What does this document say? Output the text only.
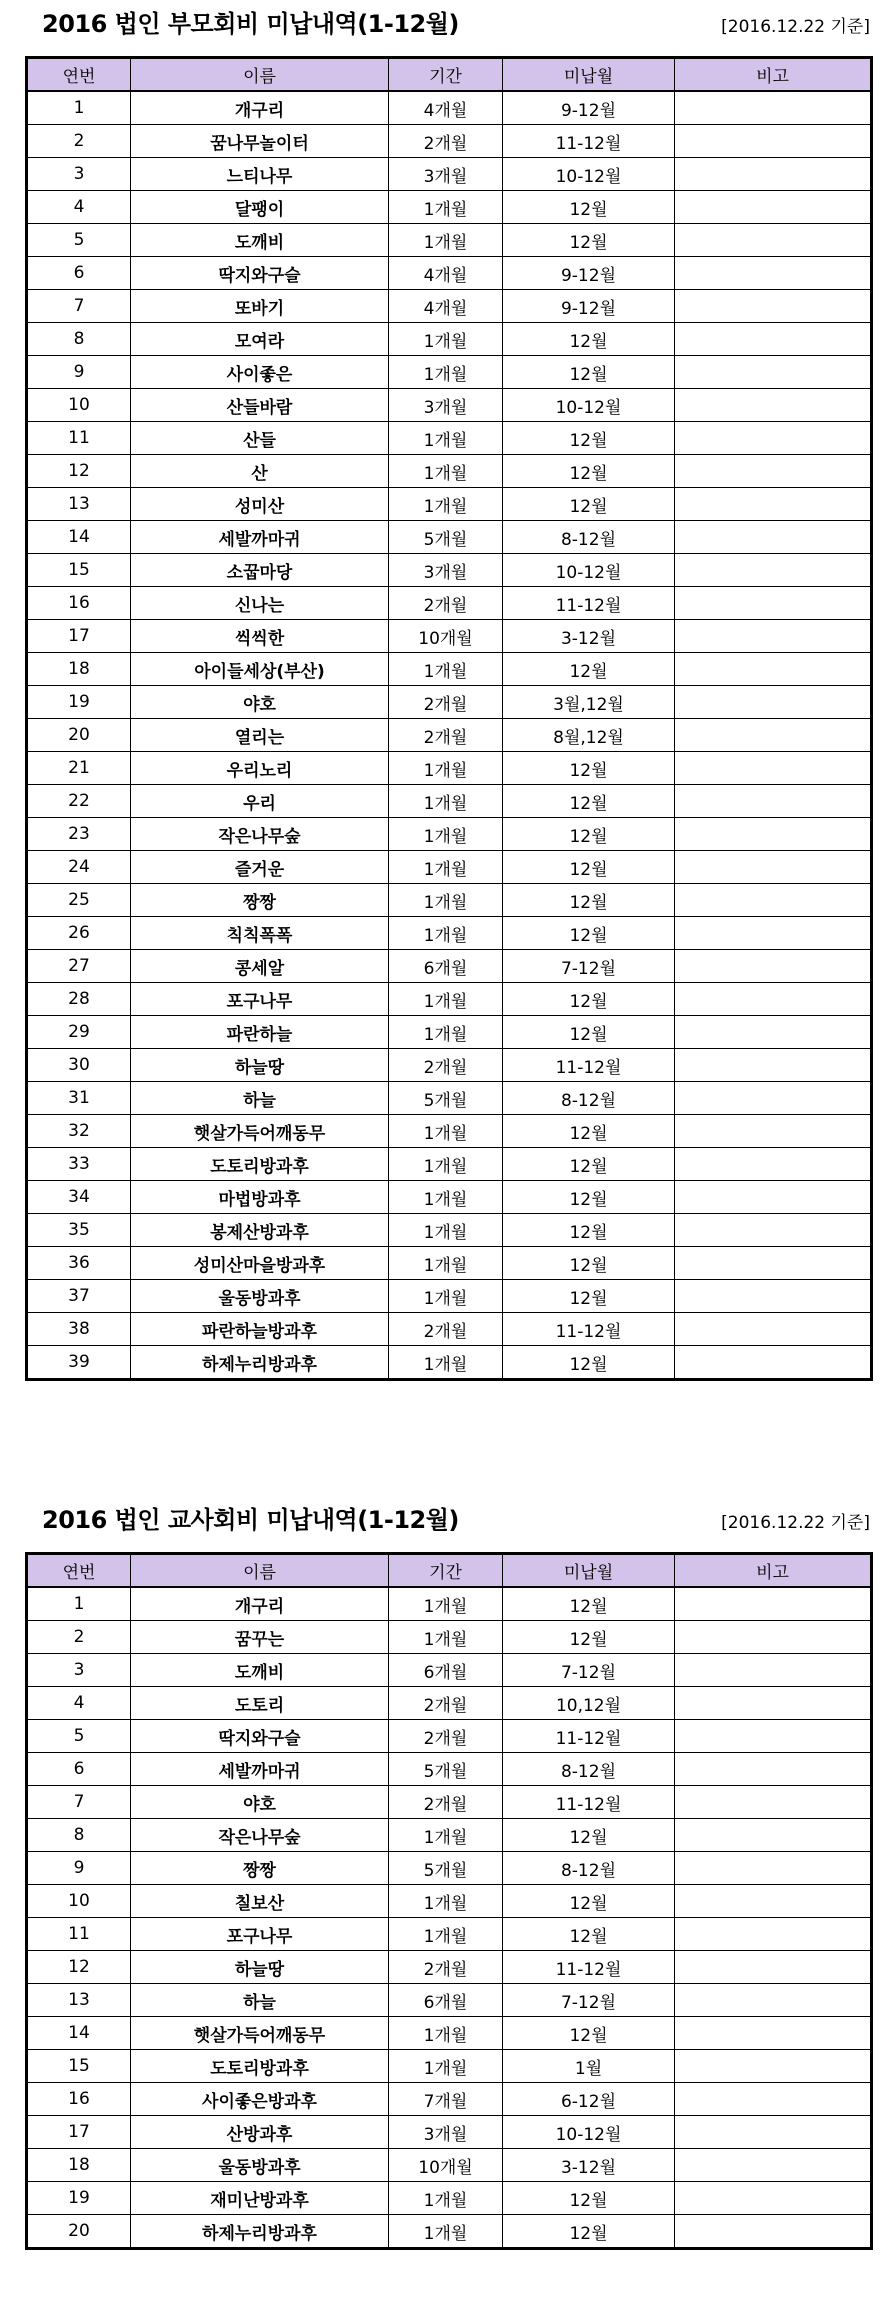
2016 법인 부모회비 미납내역(1-12월)	[2016.12.22 기준]
연번	이름	기간	미납월	비고
1	개구리	4개월	9-12월	
2	꿈나무놀이터	2개월	11-12월	
3	느티나무	3개월	10-12월	
4	달팽이	1개월	12월	
5	도깨비	1개월	12월	
6	딱지와구슬	4개월	9-12월	
7	또바기	4개월	9-12월	
8	모여라	1개월	12월	
9	사이좋은	1개월	12월	
10	산들바람	3개월	10-12월	
11	산들	1개월	12월	
12	산	1개월	12월	
13	성미산	1개월	12월	
14	세발까마귀	5개월	8-12월	
15	소꿉마당	3개월	10-12월	
16	신나는	2개월	11-12월	
17	씩씩한	10개월	3-12월	
18	아이들세상(부산)	1개월	12월	
19	야호	2개월	3월,12월	
20	열리는	2개월	8월,12월	
21	우리노리	1개월	12월	
22	우리	1개월	12월	
23	작은나무숲	1개월	12월	
24	즐거운	1개월	12월	
25	짱짱	1개월	12월	
26	칙칙폭폭	1개월	12월	
27	콩세알	6개월	7-12월	
28	포구나무	1개월	12월	
29	파란하늘	1개월	12월	
30	하늘땅	2개월	11-12월	
31	하늘	5개월	8-12월	
32	햇살가득어깨동무	1개월	12월	
33	도토리방과후	1개월	12월	
34	마법방과후	1개월	12월	
35	봉제산방과후	1개월	12월	
36	성미산마을방과후	1개월	12월	
37	울동방과후	1개월	12월	
38	파란하늘방과후	2개월	11-12월	
39	하제누리방과후	1개월	12월	
2016 법인 교사회비 미납내역(1-12월)	[2016.12.22 기준]
연번	이름	기간	미납월	비고
1	개구리	1개월	12월	
2	꿈꾸는	1개월	12월	
3	도깨비	6개월	7-12월	
4	도토리	2개월	10,12월	
5	딱지와구슬	2개월	11-12월	
6	세발까마귀	5개월	8-12월	
7	야호	2개월	11-12월	
8	작은나무숲	1개월	12월	
9	짱짱	5개월	8-12월	
10	칠보산	1개월	12월	
11	포구나무	1개월	12월	
12	하늘땅	2개월	11-12월	
13	하늘	6개월	7-12월	
14	햇살가득어깨동무	1개월	12월	
15	도토리방과후	1개월	1월	
16	사이좋은방과후	7개월	6-12월	
17	산방과후	3개월	10-12월	
18	울동방과후	10개월	3-12월	
19	재미난방과후	1개월	12월	
20	하제누리방과후	1개월	12월	
